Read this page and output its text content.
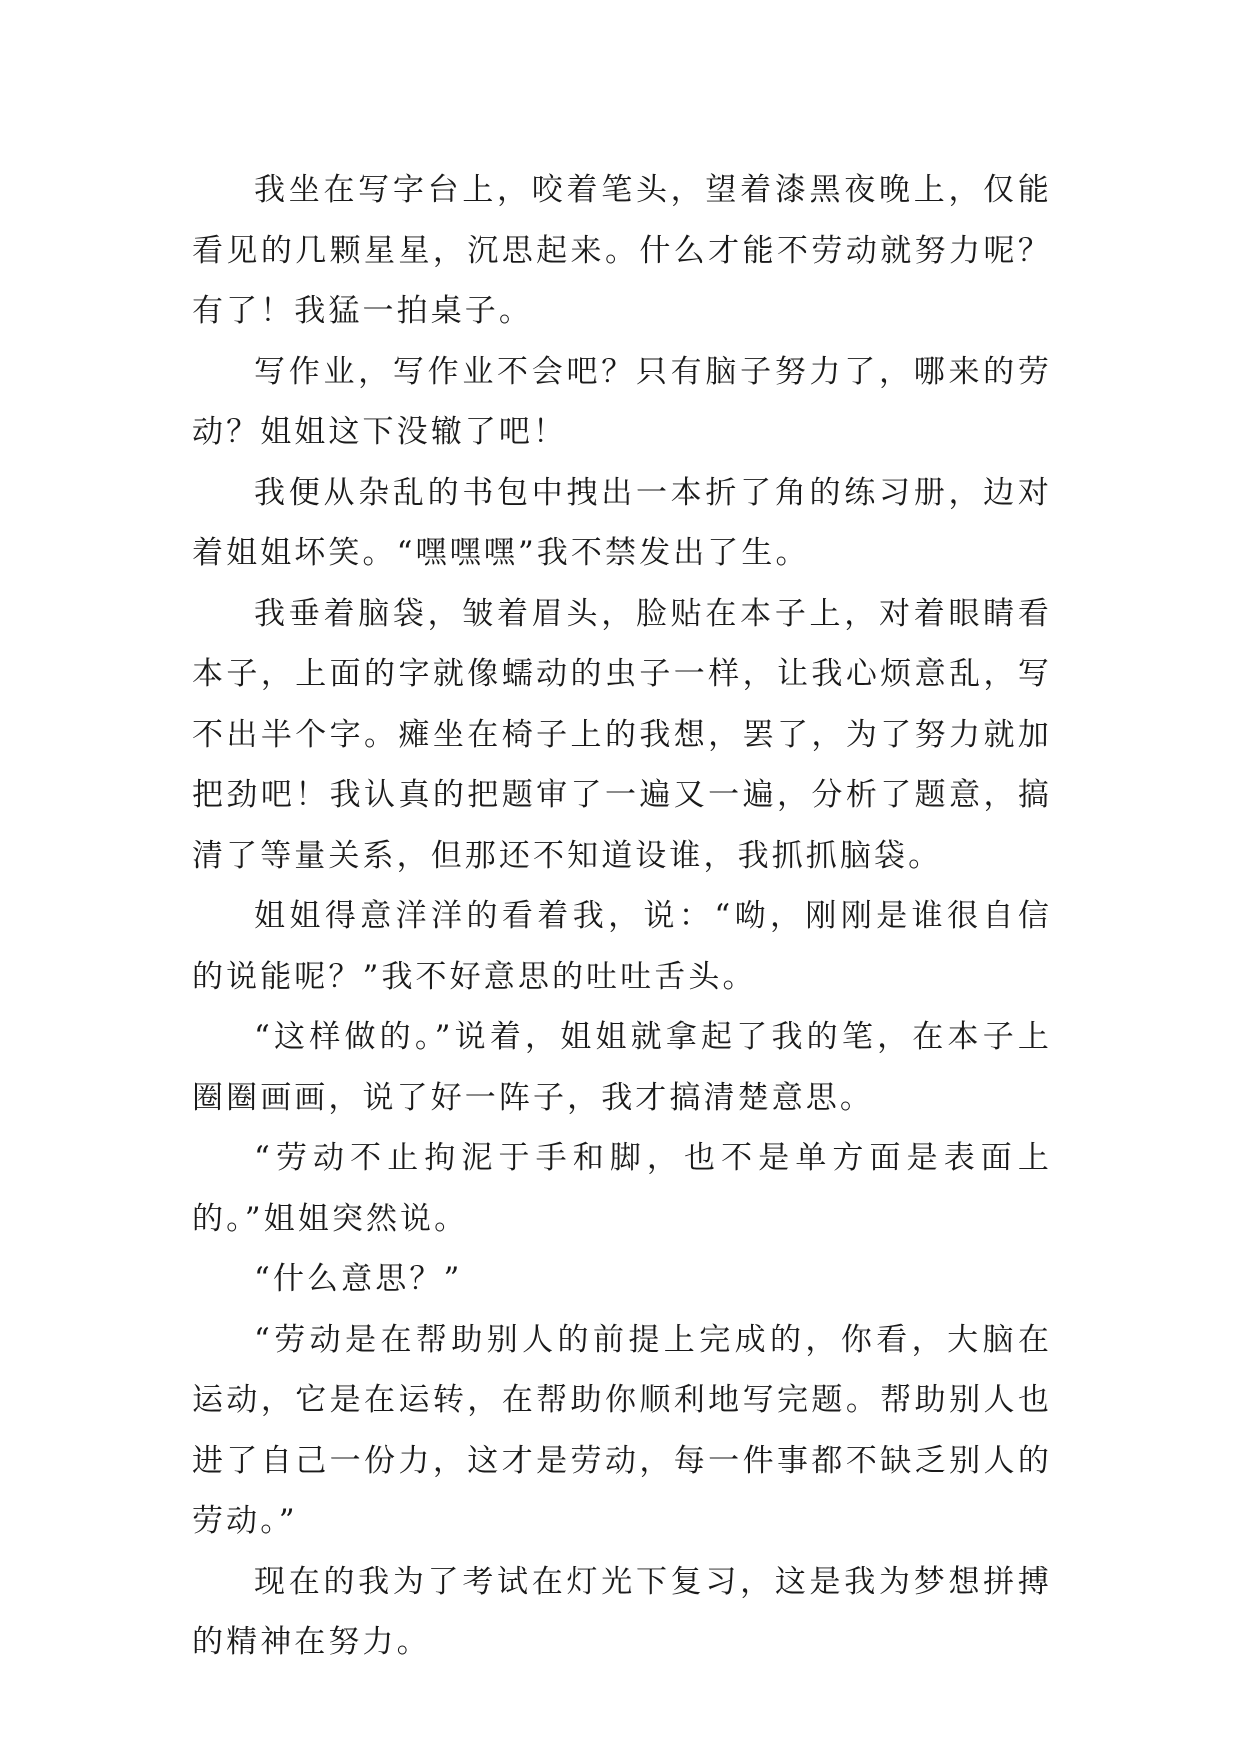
我坐在写字台上，咬着笔头，望着漆黑夜晚上，仅能看见的几颗星星，沉思起来。什么才能不劳动就努力呢？有了！我猛一拍桌子。

写作业，写作业不会吧？只有脑子努力了，哪来的劳动？姐姐这下没辙了吧！

我便从杂乱的书包中拽出一本折了角的练习册，边对着姐姐坏笑。“嘿嘿嘿”我不禁发出了生。

我垂着脑袋，皱着眉头，脸贴在本子上，对着眼睛看本子，上面的字就像蠕动的虫子一样，让我心烦意乱，写不出半个字。瘫坐在椅子上的我想，罢了，为了努力就加把劲吧！我认真的把题审了一遍又一遍，分析了题意，搞清了等量关系，但那还不知道设谁，我抓抓脑袋。

姐姐得意洋洋的看着我，说：“呦，刚刚是谁很自信的说能呢？”我不好意思的吐吐舌头。

“这样做的。”说着，姐姐就拿起了我的笔，在本子上圈圈画画，说了好一阵子，我才搞清楚意思。

“劳动不止拘泥于手和脚，也不是单方面是表面上的。”姐姐突然说。

“什么意思？”

“劳动是在帮助别人的前提上完成的，你看，大脑在运动，它是在运转，在帮助你顺利地写完题。帮助别人也进了自己一份力，这才是劳动，每一件事都不缺乏别人的劳动。”

现在的我为了考试在灯光下复习，这是我为梦想拼搏的精神在努力。
